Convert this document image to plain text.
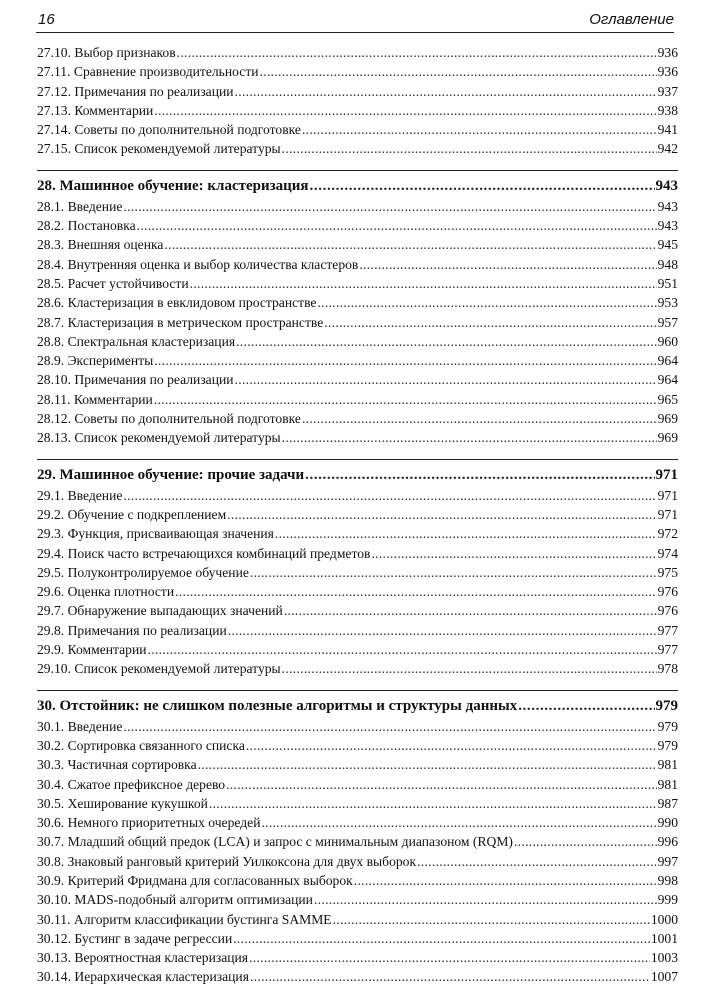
16	Оглавление
27.10. Выбор признаков .....	936
27.11. Сравнение производительности .....	936
27.12. Примечания по реализации .....	937
27.13. Комментарии .....	938
27.14. Советы по дополнительной подготовке .....	941
27.15. Список рекомендуемой литературы .....	942
28. Машинное обучение: кластеризация .....	943
28.1. Введение .....	943
28.2. Постановка .....	943
28.3. Внешняя оценка .....	945
28.4. Внутренняя оценка и выбор количества кластеров .....	948
28.5. Расчет устойчивости .....	951
28.6. Кластеризация в евклидовом пространстве .....	953
28.7. Кластеризация в метрическом пространстве .....	957
28.8. Спектральная кластеризация .....	960
28.9. Эксперименты .....	964
28.10. Примечания по реализации .....	964
28.11. Комментарии .....	965
28.12. Советы по дополнительной подготовке .....	969
28.13. Список рекомендуемой литературы .....	969
29. Машинное обучение: прочие задачи .....	971
29.1. Введение .....	971
29.2. Обучение с подкреплением .....	971
29.3. Функция, присваивающая значения .....	972
29.4. Поиск часто встречающихся комбинаций предметов .....	974
29.5. Полуконтролируемое обучение .....	975
29.6. Оценка плотности .....	976
29.7. Обнаружение выпадающих значений .....	976
29.8. Примечания по реализации .....	977
29.9. Комментарии .....	977
29.10. Список рекомендуемой литературы .....	978
30. Отстойник: не слишком полезные алгоритмы и структуры данных .....	979
30.1. Введение .....	979
30.2. Сортировка связанного списка .....	979
30.3. Частичная сортировка .....	981
30.4. Сжатое префиксное дерево .....	981
30.5. Хеширование кукушкой .....	987
30.6. Немного приоритетных очередей .....	990
30.7. Младший общий предок (LCA) и запрос с минимальным диапазоном (RQM) .....	996
30.8. Знаковый ранговый критерий Уилкоксона для двух выборок .....	997
30.9. Критерий Фридмана для согласованных выборок .....	998
30.10. MADS-подобный алгоритм оптимизации .....	999
30.11. Алгоритм классификации бустинга SAMME .....	1000
30.12. Бустинг в задаче регрессии .....	1001
30.13. Вероятностная кластеризация .....	1003
30.14. Иерархическая кластеризация .....	1007
